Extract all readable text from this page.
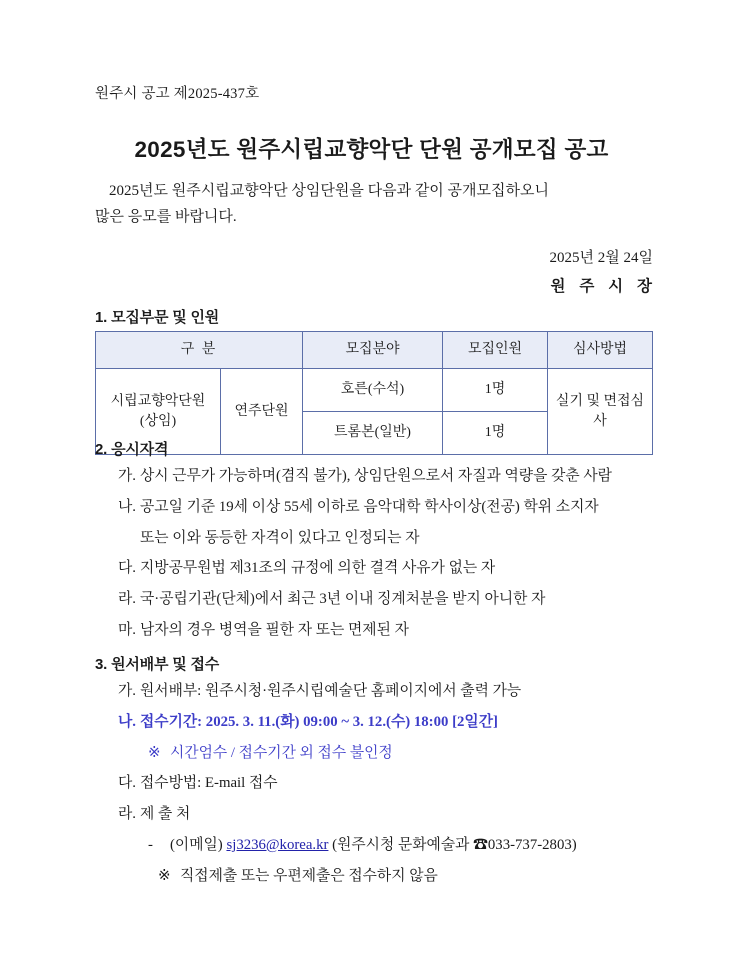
원주시 공고 제2025-437호
2025년도 원주시립교향악단 단원 공개모집 공고
2025년도 원주시립교향악단 상임단원을 다음과 같이 공개모집하오니
많은 응모를 바랍니다.
2025년 2월 24일
원 주 시 장
1. 모집부문 및 인원
구 분		모집분야	모집인원	심사방법
시립교향악단원
(상임)	연주단원	호른(수석)	1명	실기 및 면접심사
		트롬본(일반)	1명	
2. 응시자격
가. 상시 근무가 가능하며(겸직 불가), 상임단원으로서 자질과 역량을 갖춘 사람
나. 공고일 기준 19세 이상 55세 이하로 음악대학 학사이상(전공) 학위 소지자
또는 이와 동등한 자격이 있다고 인정되는 자
다. 지방공무원법 제31조의 규정에 의한 결격 사유가 없는 자
라. 국·공립기관(단체)에서 최근 3년 이내 징계처분을 받지 아니한 자
마. 남자의 경우 병역을 필한 자 또는 면제된 자
3. 원서배부 및 접수
가. 원서배부: 원주시청·원주시립예술단 홈페이지에서 출력 가능
나. 접수기간: 2025. 3. 11.(화) 09:00 ~ 3. 12.(수) 18:00 [2일간]
※ 시간엄수 / 접수기간 외 접수 불인정
다. 접수방법: E-mail 접수
라. 제 출 처
- (이메일) sj3236@korea.kr (원주시청 문화예술과 ☎033-737-2803)
※ 직접제출 또는 우편제출은 접수하지 않음
